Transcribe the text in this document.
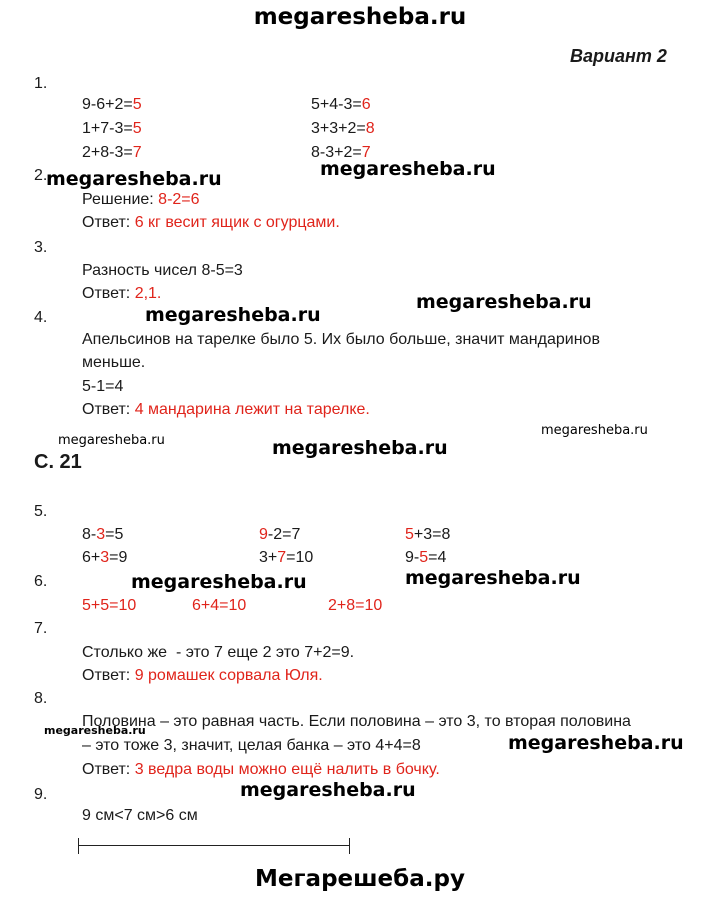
megaresheba.ru
Вариант 2
1.
9-6+2=5	5+4-3=6
1+7-3=5	3+3+2=8
2+8-3=7	8-3+2=7
2.
megaresheba.ru	megaresheba.ru
Решение: 8-2=6
Ответ: 6 кг весит ящик с огурцами.
3.
Разность чисел 8-5=3
Ответ: 2,1.	megaresheba.ru
4.	megaresheba.ru
Апельсинов на тарелке было 5. Их было больше, значит мандаринов
меньше.
5-1=4
Ответ: 4 мандарина лежит на тарелке.
megaresheba.ru	megaresheba.ru
megaresheba.ru
С. 21
5.
8-3=5	9-2=7	5+3=8
6+3=9	3+7=10	9-5=4
6.	megaresheba.ru	megaresheba.ru
5+5=10	6+4=10	2+8=10
7.
Столько же  - это 7 еще 2 это 7+2=9.
Ответ: 9 ромашек сорвала Юля.
8.
megaresheba.ru
Половина – это равная часть. Если половина – это 3, то вторая половина
– это тоже 3, значит, целая банка – это 4+4=8	megaresheba.ru
Ответ: 3 ведра воды можно ещё налить в бочку.
9.	megaresheba.ru
9 см<7 см>6 см
Мегарешеба.ру
